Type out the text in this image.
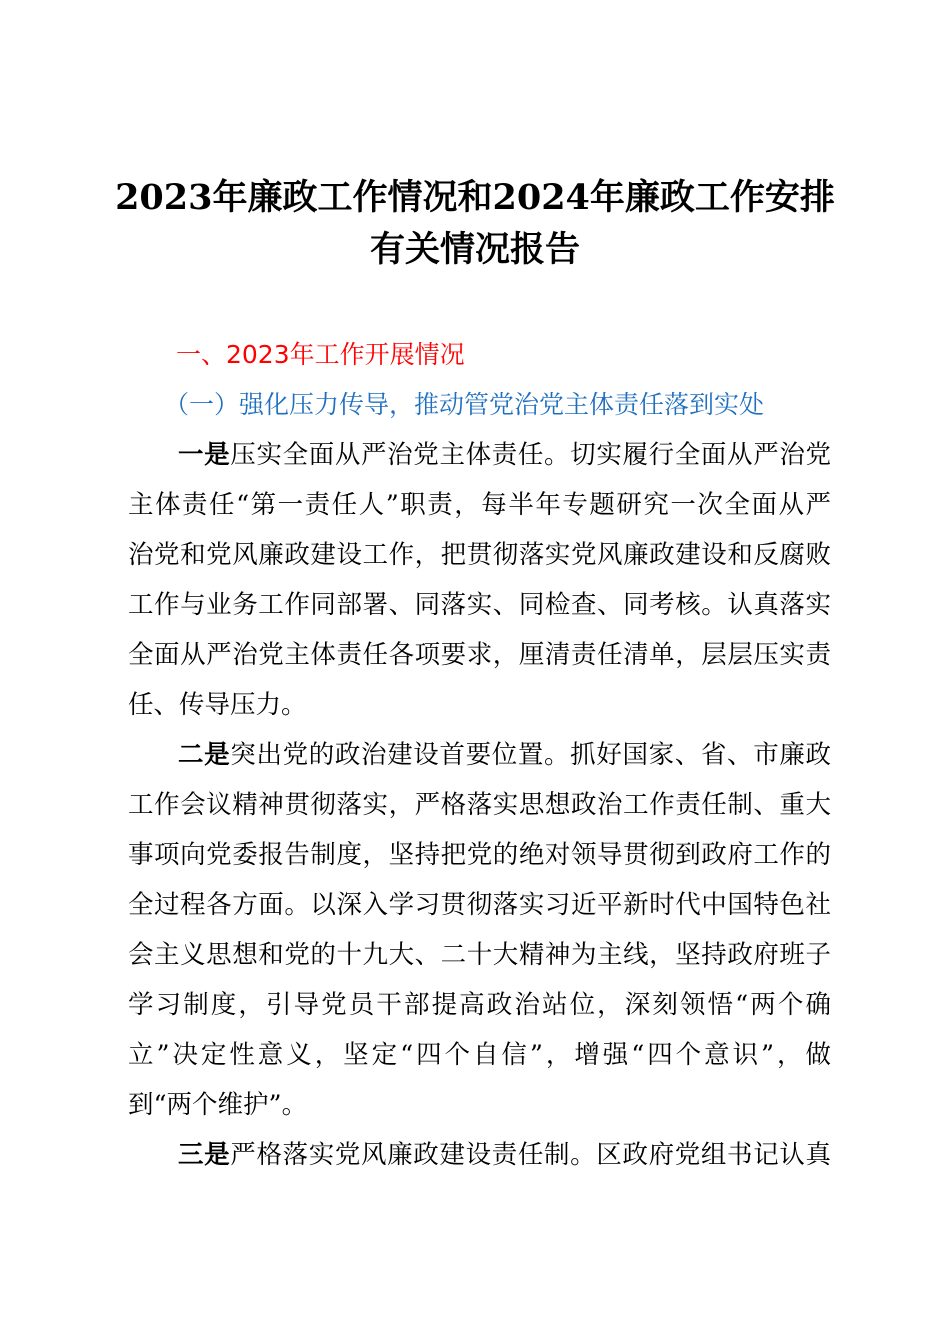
2023年廉政工作情况和2024年廉政工作安排
有关情况报告
一、2023年工作开展情况
（一）强化压力传导，推动管党治党主体责任落到实处
一是压实全面从严治党主体责任。切实履行全面从严治党
主体责任“第一责任人”职责，每半年专题研究一次全面从严
治党和党风廉政建设工作，把贯彻落实党风廉政建设和反腐败
工作与业务工作同部署、同落实、同检查、同考核。认真落实
全面从严治党主体责任各项要求，厘清责任清单，层层压实责
任、传导压力。
二是突出党的政治建设首要位置。抓好国家、省、市廉政
工作会议精神贯彻落实，严格落实思想政治工作责任制、重大
事项向党委报告制度，坚持把党的绝对领导贯彻到政府工作的
全过程各方面。以深入学习贯彻落实习近平新时代中国特色社
会主义思想和党的十九大、二十大精神为主线，坚持政府班子
学习制度，引导党员干部提高政治站位，深刻领悟“两个确
立”决定性意义，坚定“四个自信”，增强“四个意识”，做
到“两个维护”。
三是严格落实党风廉政建设责任制。区政府党组书记认真
